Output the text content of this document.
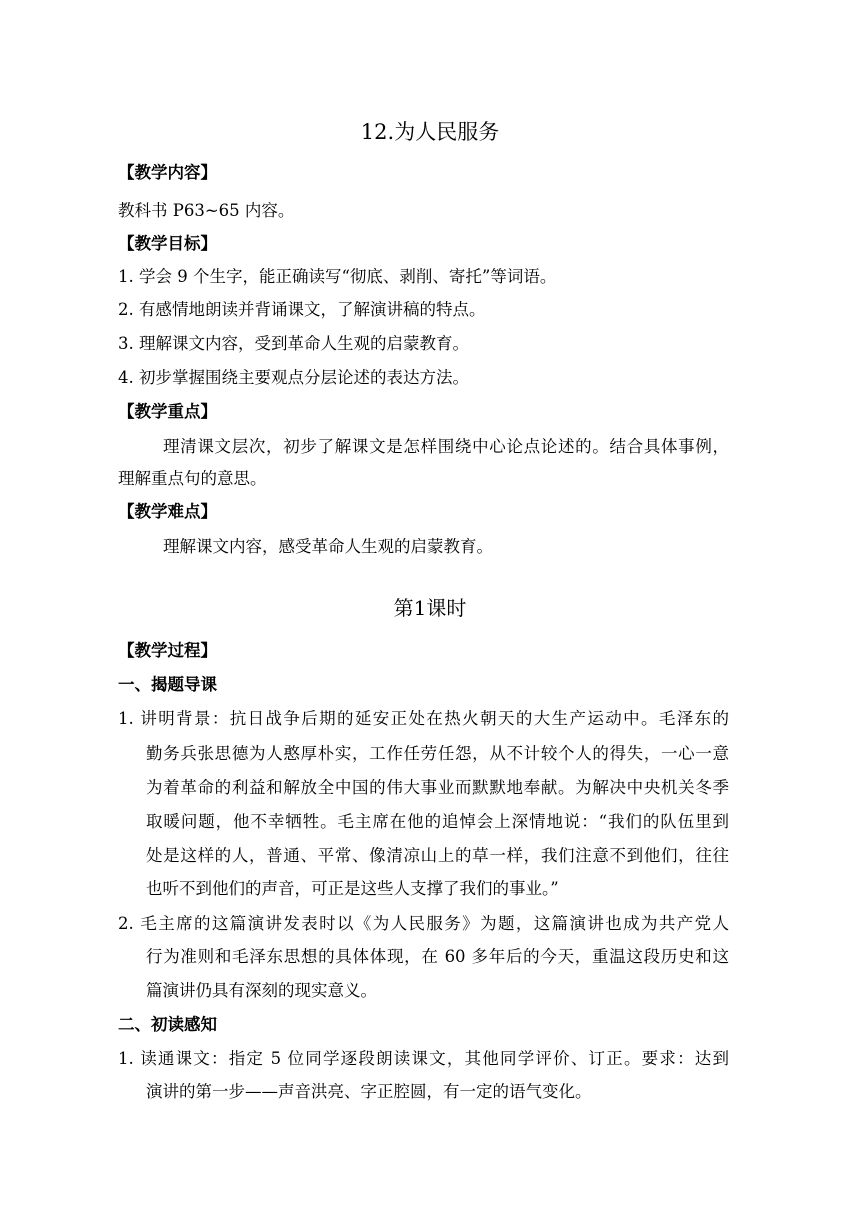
12.为人民服务
【教学内容】
教科书 P63~65 内容。
【教学目标】
1. 学会 9 个生字，能正确读写“彻底、剥削、寄托”等词语。
2. 有感情地朗读并背诵课文，了解演讲稿的特点。
3. 理解课文内容，受到革命人生观的启蒙教育。
4. 初步掌握围绕主要观点分层论述的表达方法。
【教学重点】
理清课文层次，初步了解课文是怎样围绕中心论点论述的。结合具体事例，
理解重点句的意思。
【教学难点】
理解课文内容，感受革命人生观的启蒙教育。
第1课时
【教学过程】
一、揭题导课
1. 讲明背景：抗日战争后期的延安正处在热火朝天的大生产运动中。毛泽东的
勤务兵张思德为人憨厚朴实，工作任劳任怨，从不计较个人的得失，一心一意
为着革命的利益和解放全中国的伟大事业而默默地奉献。为解决中央机关冬季
取暖问题，他不幸牺牲。毛主席在他的追悼会上深情地说：“我们的队伍里到
处是这样的人，普通、平常、像清凉山上的草一样，我们注意不到他们，往往
也听不到他们的声音，可正是这些人支撑了我们的事业。”
2. 毛主席的这篇演讲发表时以《为人民服务》为题，这篇演讲也成为共产党人
行为准则和毛泽东思想的具体体现，在 60 多年后的今天，重温这段历史和这
篇演讲仍具有深刻的现实意义。
二、初读感知
1. 读通课文：指定 5 位同学逐段朗读课文，其他同学评价、订正。要求：达到
演讲的第一步——声音洪亮、字正腔圆，有一定的语气变化。
